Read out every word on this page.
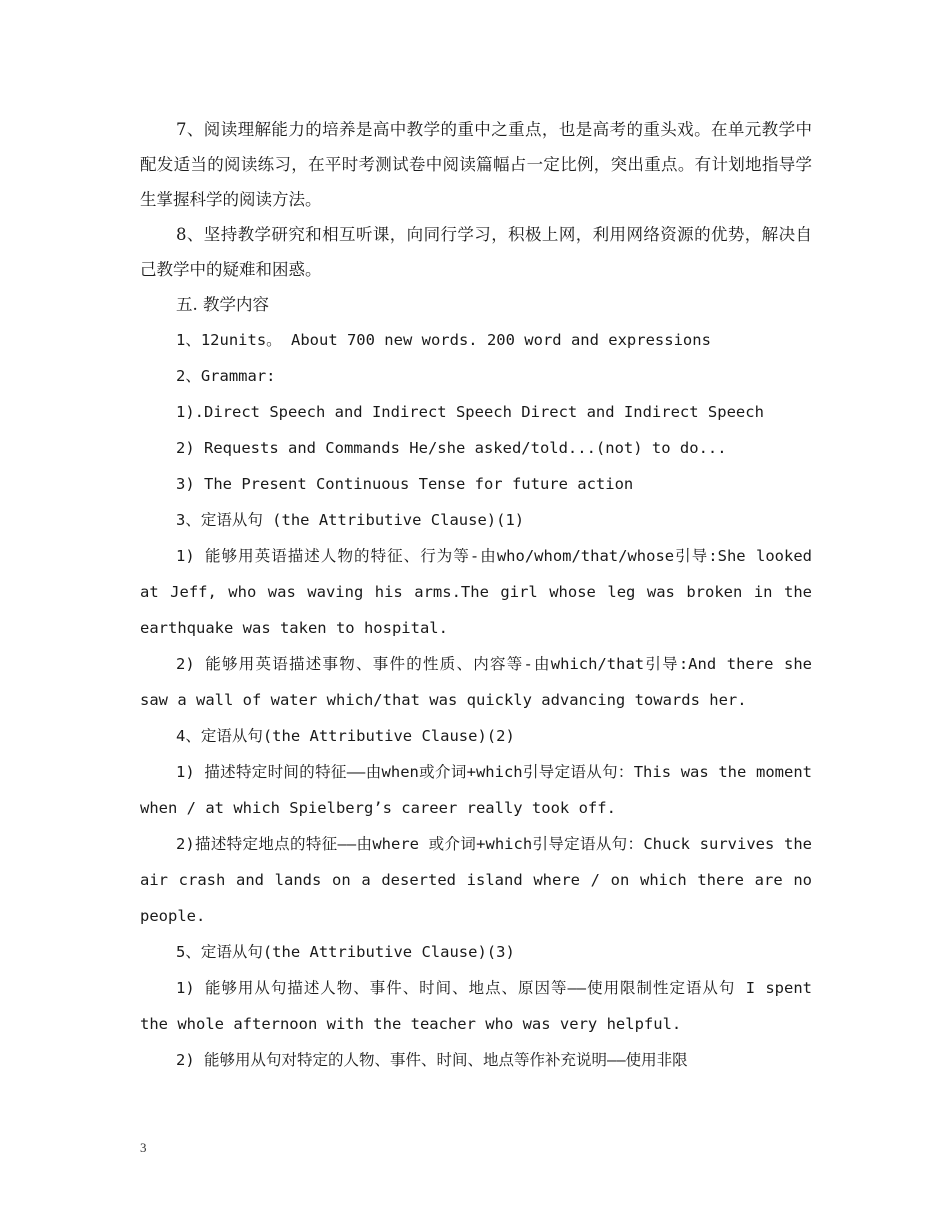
7、阅读理解能力的培养是高中教学的重中之重点，也是高考的重头戏。在单元教学中配发适当的阅读练习，在平时考测试卷中阅读篇幅占一定比例，突出重点。有计划地指导学生掌握科学的阅读方法。

8、坚持教学研究和相互听课，向同行学习，积极上网，利用网络资源的优势，解决自己教学中的疑难和困惑。

五. 教学内容

1、12units。 About 700 new words. 200 word and expressions

2、Grammar:

1).Direct Speech and Indirect Speech Direct and Indirect Speech

2) Requests and Commands He/she asked/told...(not) to do...

3) The Present Continuous Tense for future action

3、定语从句 (the Attributive Clause)(1)

1) 能够用英语描述人物的特征、行为等-由who/whom/that/whose引导:She looked at Jeff, who was waving his arms.The girl whose leg was broken in the earthquake was taken to hospital.

2) 能够用英语描述事物、事件的性质、内容等-由which/that引导:And there she saw a wall of water which/that was quickly advancing towards her.

4、定语从句(the Attributive Clause)(2)

1) 描述特定时间的特征——由when或介词+which引导定语从句：This was the moment when / at which Spielberg’s career really took off.

2)描述特定地点的特征——由where 或介词+which引导定语从句：Chuck survives the air crash and lands on a deserted island where / on which there are no people.

5、定语从句(the Attributive Clause)(3)

1) 能够用从句描述人物、事件、时间、地点、原因等——使用限制性定语从句 I spent the whole afternoon with the teacher who was very helpful.

2) 能够用从句对特定的人物、事件、时间、地点等作补充说明——使用非限

3
